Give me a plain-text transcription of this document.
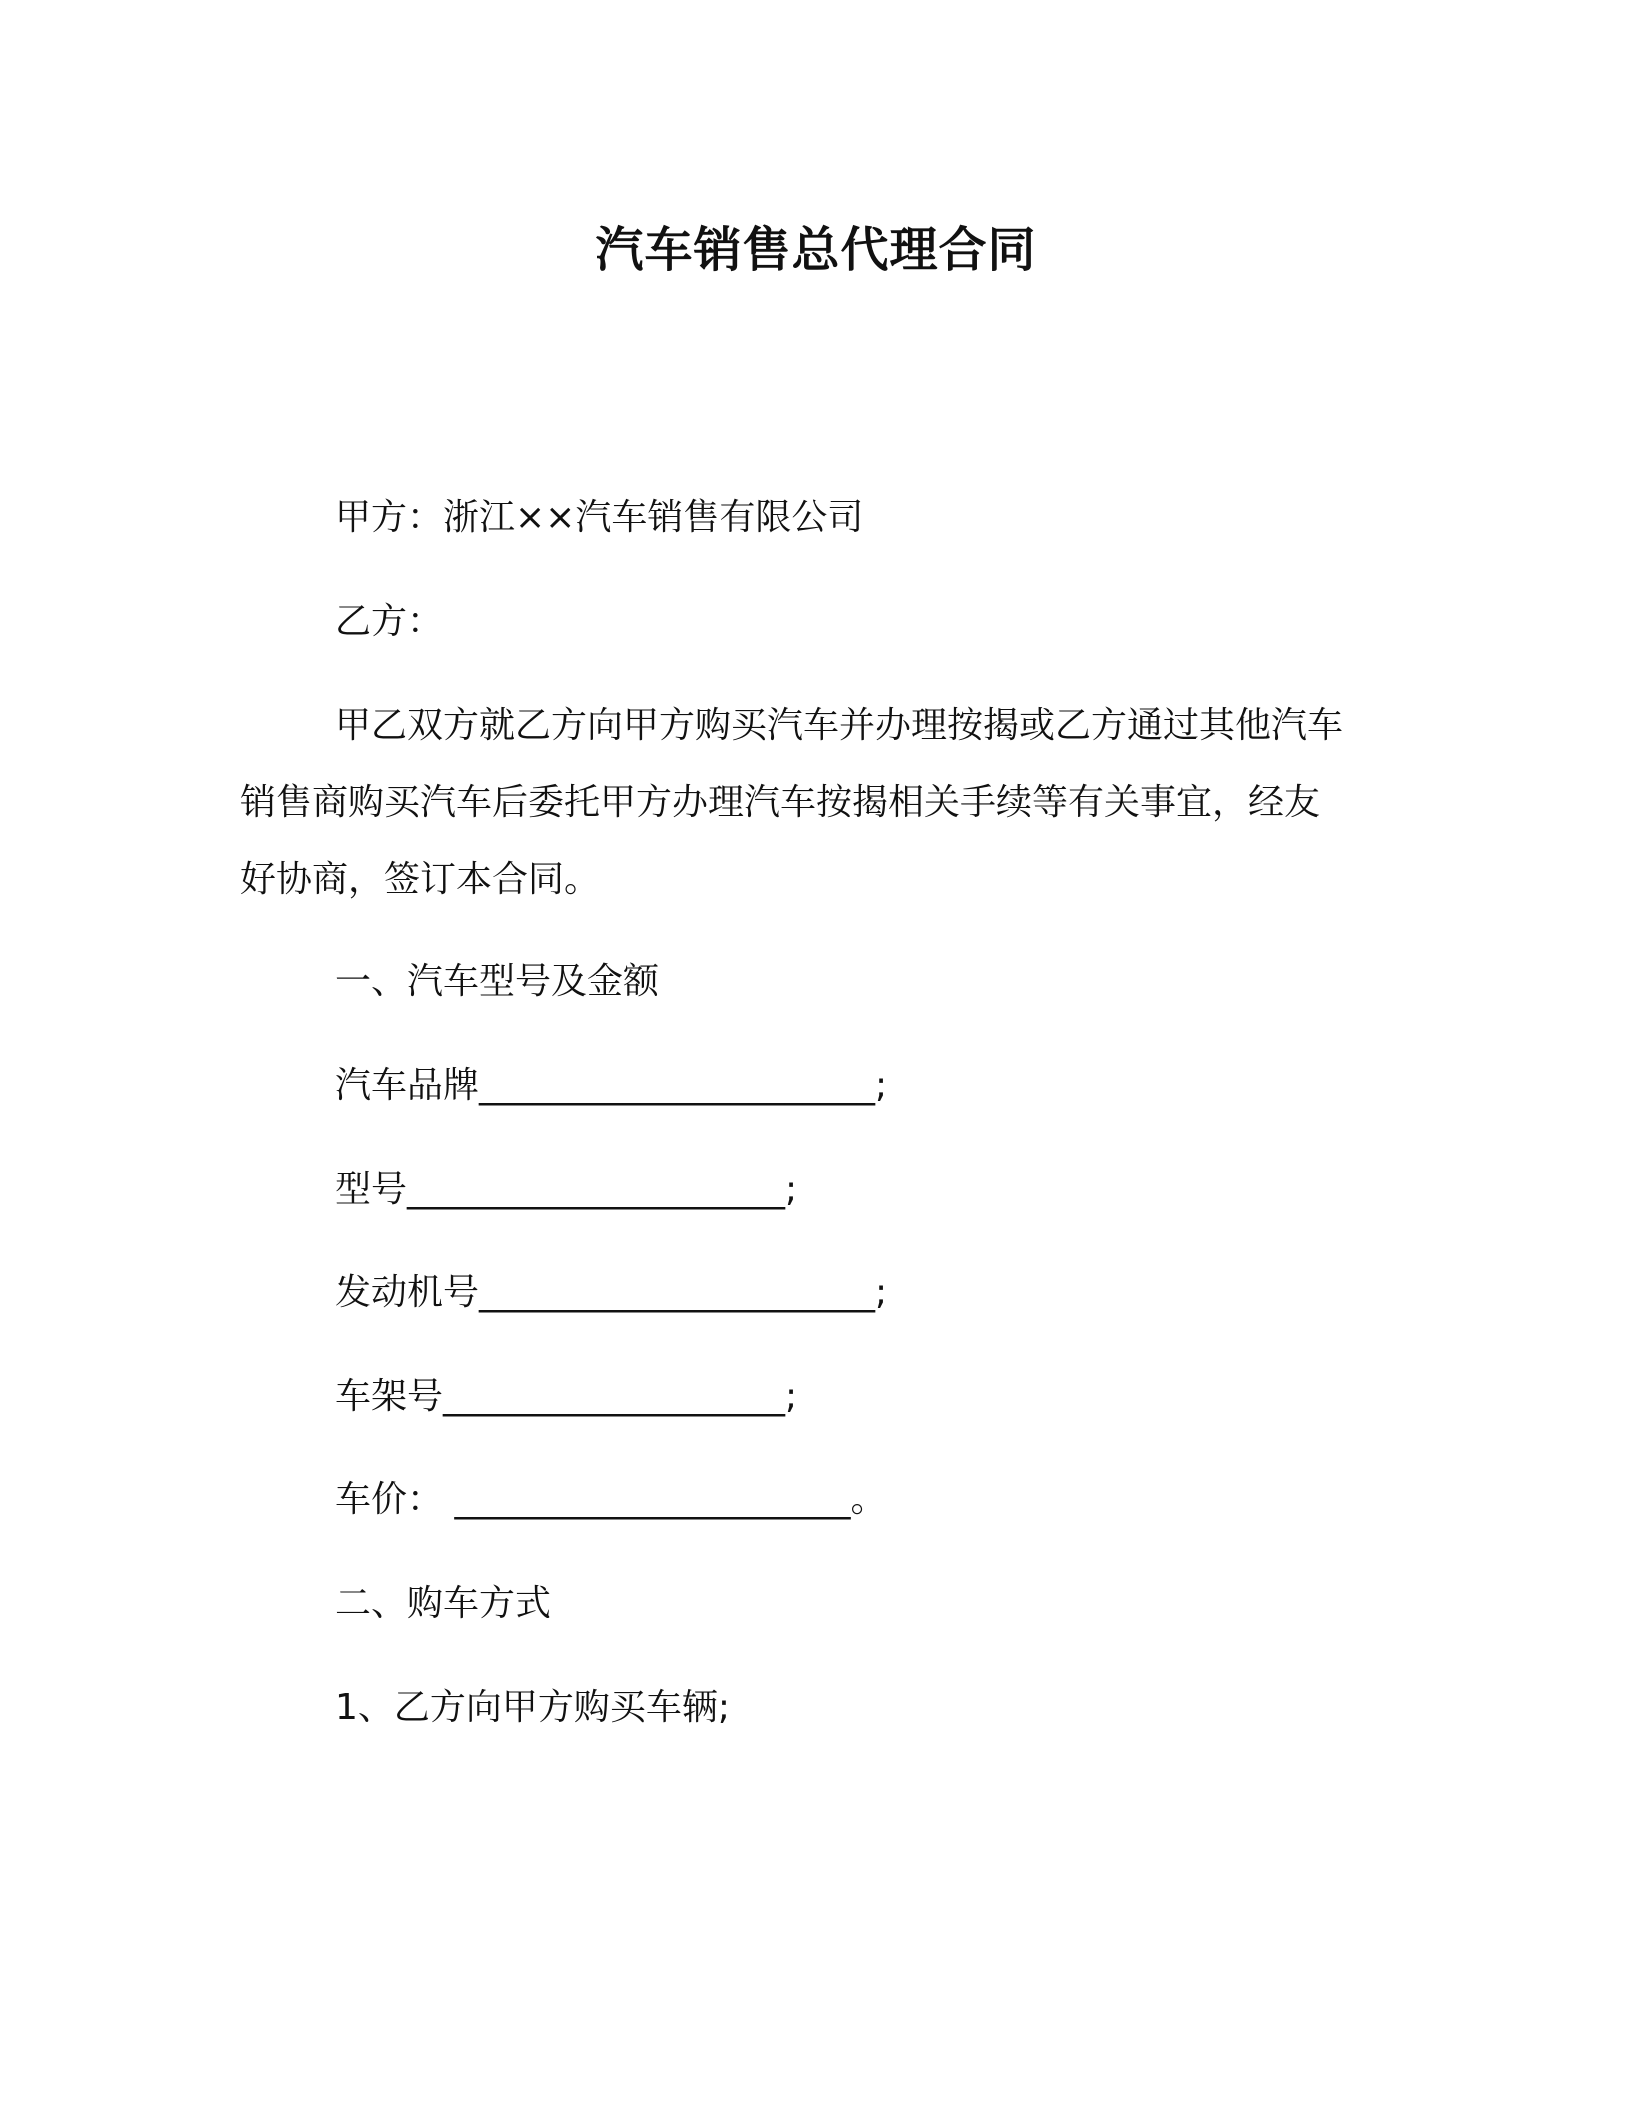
汽车销售总代理合同
甲方：浙江××汽车销售有限公司
乙方：
甲乙双方就乙方向甲方购买汽车并办理按揭或乙方通过其他汽车
销售商购买汽车后委托甲方办理汽车按揭相关手续等有关事宜，经友
好协商，签订本合同。
一、汽车型号及金额
汽车品牌______________________;
型号_____________________;
发动机号______________________;
车架号___________________;
车价： ______________________。
二、购车方式
1、乙方向甲方购买车辆;
